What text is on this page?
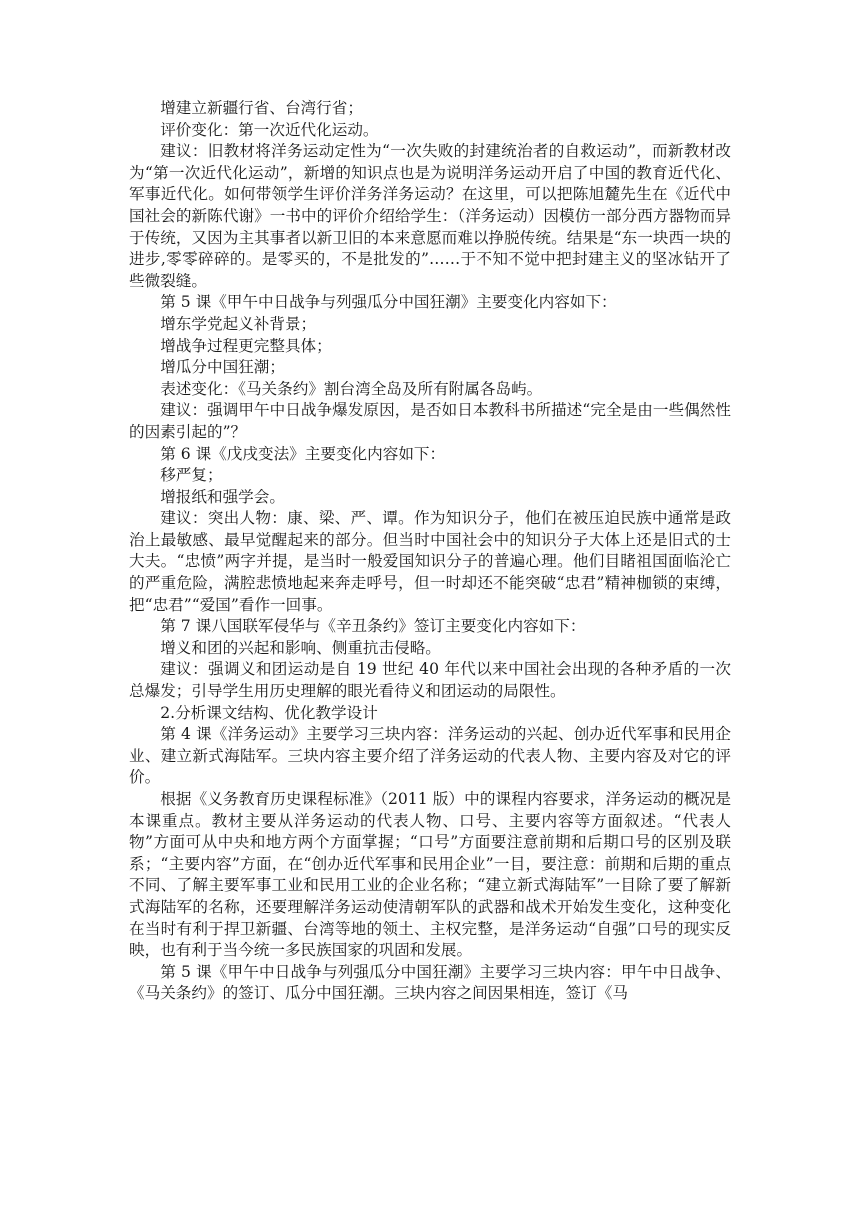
增建立新疆行省、台湾行省；

评价变化：第一次近代化运动。

建议：旧教材将洋务运动定性为“一次失败的封建统治者的自救运动”，而新教材改为“第一次近代化运动”，新增的知识点也是为说明洋务运动开启了中国的教育近代化、军事近代化。如何带领学生评价洋务洋务运动？在这里，可以把陈旭麓先生在《近代中国社会的新陈代谢》一书中的评价介绍给学生：（洋务运动）因模仿一部分西方器物而异于传统，又因为主其事者以新卫旧的本来意愿而难以挣脱传统。结果是“东一块西一块的进步,零零碎碎的。是零买的，不是批发的”……于不知不觉中把封建主义的坚冰钻开了些微裂缝。

第 5 课《甲午中日战争与列强瓜分中国狂潮》主要变化内容如下：

增东学党起义补背景；

增战争过程更完整具体；

增瓜分中国狂潮；

表述变化：《马关条约》割台湾全岛及所有附属各岛屿。

建议：强调甲午中日战争爆发原因，是否如日本教科书所描述“完全是由一些偶然性的因素引起的”？

第 6 课《戊戌变法》主要变化内容如下：

移严复；

增报纸和强学会。

建议：突出人物：康、梁、严、谭。作为知识分子，他们在被压迫民族中通常是政治上最敏感、最早觉醒起来的部分。但当时中国社会中的知识分子大体上还是旧式的士大夫。“忠愤”两字并提，是当时一般爱国知识分子的普遍心理。他们目睹祖国面临沦亡的严重危险，满腔悲愤地起来奔走呼号，但一时却还不能突破“忠君”精神枷锁的束缚，把“忠君”“爱国”看作一回事。

第 7 课八国联军侵华与《辛丑条约》签订主要变化内容如下：

增义和团的兴起和影响、侧重抗击侵略。

建议：强调义和团运动是自 19 世纪 40 年代以来中国社会出现的各种矛盾的一次总爆发；引导学生用历史理解的眼光看待义和团运动的局限性。

2.分析课文结构、优化教学设计

第 4 课《洋务运动》主要学习三块内容：洋务运动的兴起、创办近代军事和民用企业、建立新式海陆军。三块内容主要介绍了洋务运动的代表人物、主要内容及对它的评价。

根据《义务教育历史课程标准》（2011 版）中的课程内容要求，洋务运动的概况是本课重点。教材主要从洋务运动的代表人物、口号、主要内容等方面叙述。“代表人物”方面可从中央和地方两个方面掌握；“口号”方面要注意前期和后期口号的区别及联系；“主要内容”方面，在“创办近代军事和民用企业”一目，要注意：前期和后期的重点不同、了解主要军事工业和民用工业的企业名称；“建立新式海陆军”一目除了要了解新式海陆军的名称，还要理解洋务运动使清朝军队的武器和战术开始发生变化，这种变化在当时有利于捍卫新疆、台湾等地的领土、主权完整，是洋务运动“自强”口号的现实反映，也有利于当今统一多民族国家的巩固和发展。

第 5 课《甲午中日战争与列强瓜分中国狂潮》主要学习三块内容：甲午中日战争、《马关条约》的签订、瓜分中国狂潮。三块内容之间因果相连，签订《马
